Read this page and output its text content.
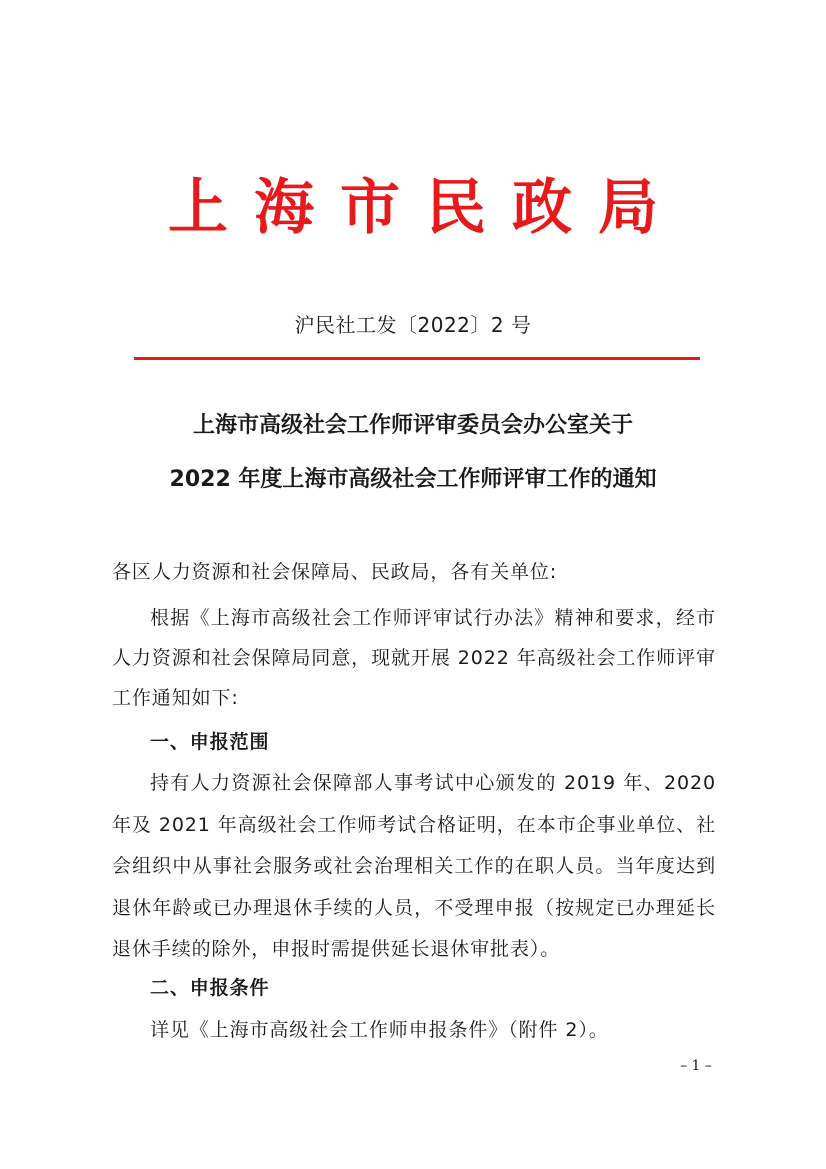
上海市民政局
沪民社工发〔2022〕2 号
上海市高级社会工作师评审委员会办公室关于
2022 年度上海市高级社会工作师评审工作的通知
各区人力资源和社会保障局、民政局，各有关单位:
根据《上海市高级社会工作师评审试行办法》精神和要求，经市人力资源和社会保障局同意，现就开展 2022 年高级社会工作师评审工作通知如下:
一、申报范围
持有人力资源社会保障部人事考试中心颁发的 2019 年、2020 年及 2021 年高级社会工作师考试合格证明，在本市企事业单位、社会组织中从事社会服务或社会治理相关工作的在职人员。当年度达到退休年龄或已办理退休手续的人员，不受理申报（按规定已办理延长退休手续的除外，申报时需提供延长退休审批表）。
二、申报条件
详见《上海市高级社会工作师申报条件》（附件 2）。
– 1 –
